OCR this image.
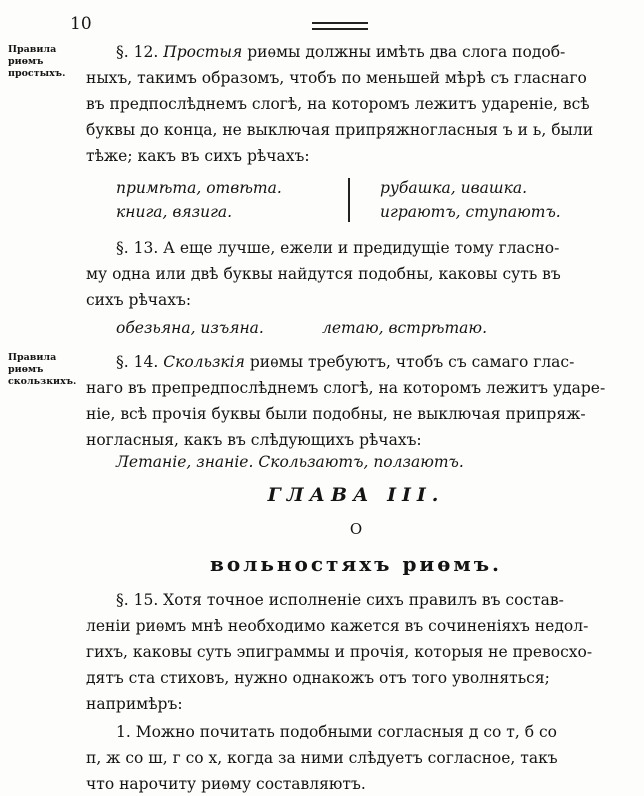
10
Правила
риѳмъ
простыхъ.
§. 12. Простыя риѳмы должны имѣть два слога подоб-
ныхъ, такимъ образомъ, чтобъ по меньшей мѣрѣ съ гласнаго
въ предпослѣднемъ слогѣ, на которомъ лежитъ удареніе, всѣ
буквы до конца, не выключая припряжногласныя ъ и ь, были
тѣже; какъ въ сихъ рѣчахъ:
примѣта, отвѣта.
книга, вязига.
рубашка, ивашка.
играютъ, ступаютъ.
§. 13. А еще лучше, ежели и предидущіе тому гласно-
му одна или двѣ буквы найдутся подобны, каковы суть въ
сихъ рѣчахъ:
обезьяна, изъяна.	летаю, встрѣтаю.
Правила
риѳмъ
скользкихъ.
§. 14. Скользкія риѳмы требуютъ, чтобъ съ самаго глас-
наго въ препредпослѣднемъ слогѣ, на которомъ лежитъ ударе-
ніе, всѣ прочія буквы были подобны, не выключая припряж-
ногласныя, какъ въ слѣдующихъ рѣчахъ:
Летаніе, знаніе. Скользаютъ, ползаютъ.
ГЛАВА III.
О
вольностяхъ риѳмъ.
§. 15. Хотя точное исполненіе сихъ правилъ въ состав-
леніи риѳмъ мнѣ необходимо кажется въ сочиненіяхъ недол-
гихъ, каковы суть эпиграммы и прочія, которыя не превосхо-
дятъ ста стиховъ, нужно однакожъ отъ того уволняться;
напримѣръ:
1. Можно почитать подобными согласныя д со т, б со
п, ж со ш, г со х, когда за ними слѣдуетъ согласное, такъ
что нарочиту риѳму составляютъ.
